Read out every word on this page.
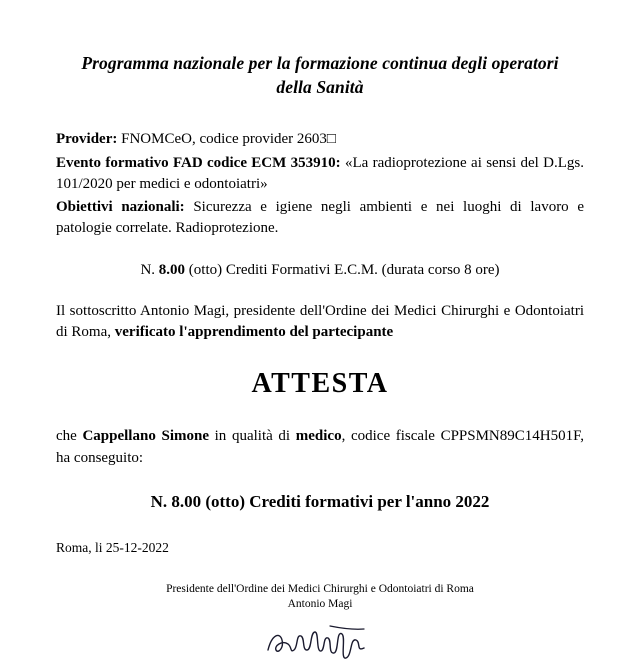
Programma nazionale per la formazione continua degli operatori della Sanità

Provider: FNOMCeO, codice provider 2603□

Evento formativo FAD codice ECM 353910: «La radioprotezione ai sensi del D.Lgs. 101/2020 per medici e odontoiatri»

Obiettivi nazionali: Sicurezza e igiene negli ambienti e nei luoghi di lavoro e patologie correlate. Radioprotezione.

N. 8.00 (otto) Crediti Formativi E.C.M. (durata corso 8 ore)
Il sottoscritto Antonio Magi, presidente dell'Ordine dei Medici Chirurghi e Odontoiatri di Roma, verificato l'apprendimento del partecipante
ATTESTA
che Cappellano Simone in qualità di medico, codice fiscale CPPSMN89C14H501F, ha conseguito:
N. 8.00 (otto) Crediti formativi per l'anno 2022
Roma, li 25-12-2022
Presidente dell'Ordine dei Medici Chirurghi e Odontoiatri di Roma
Antonio Magi
